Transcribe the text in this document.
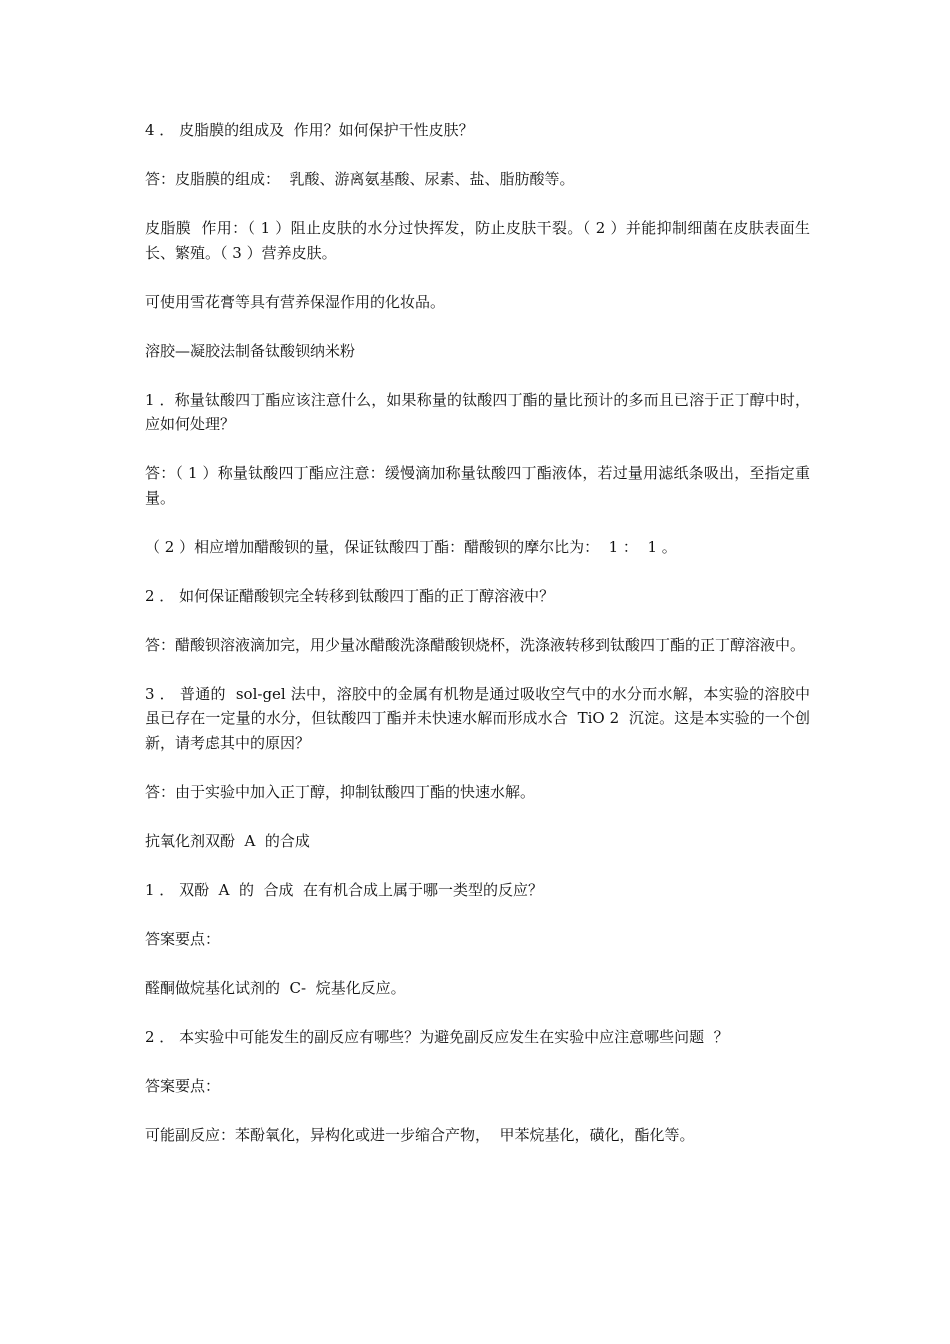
4 ． 皮脂膜的组成及  作用？如何保护干性皮肤？

答：皮脂膜的组成：  乳酸、游离氨基酸、尿素、盐、脂肪酸等。

皮脂膜  作用：（ 1 ）阻止皮肤的水分过快挥发，防止皮肤干裂。（ 2 ）并能抑制细菌在皮肤表面生长、繁殖。（ 3 ）营养皮肤。

可使用雪花膏等具有营养保湿作用的化妆品。

溶胶—凝胶法制备钛酸钡纳米粉

1 ．称量钛酸四丁酯应该注意什么，如果称量的钛酸四丁酯的量比预计的多而且已溶于正丁醇中时，应如何处理？

答：（ 1 ）称量钛酸四丁酯应注意：缓慢滴加称量钛酸四丁酯液体，若过量用滤纸条吸出，至指定重量。

（ 2 ）相应增加醋酸钡的量，保证钛酸四丁酯：醋酸钡的摩尔比为：  1 ：  1 。

2 ． 如何保证醋酸钡完全转移到钛酸四丁酯的正丁醇溶液中？

答：醋酸钡溶液滴加完，用少量冰醋酸洗涤醋酸钡烧杯，洗涤液转移到钛酸四丁酯的正丁醇溶液中。

3 ． 普通的  sol-gel 法中，溶胶中的金属有机物是通过吸收空气中的水分而水解，本实验的溶胶中虽已存在一定量的水分，但钛酸四丁酯并未快速水解而形成水合  TiO 2  沉淀。这是本实验的一个创新，请考虑其中的原因？

答：由于实验中加入正丁醇，抑制钛酸四丁酯的快速水解。

抗氧化剂双酚  A  的合成

1 ． 双酚  A  的  合成  在有机合成上属于哪一类型的反应？

答案要点：

醛酮做烷基化试剂的  C-  烷基化反应。

2 ． 本实验中可能发生的副反应有哪些？为避免副反应发生在实验中应注意哪些问题  ？

答案要点：

可能副反应：苯酚氧化，异构化或进一步缩合产物，  甲苯烷基化，磺化，酯化等。
